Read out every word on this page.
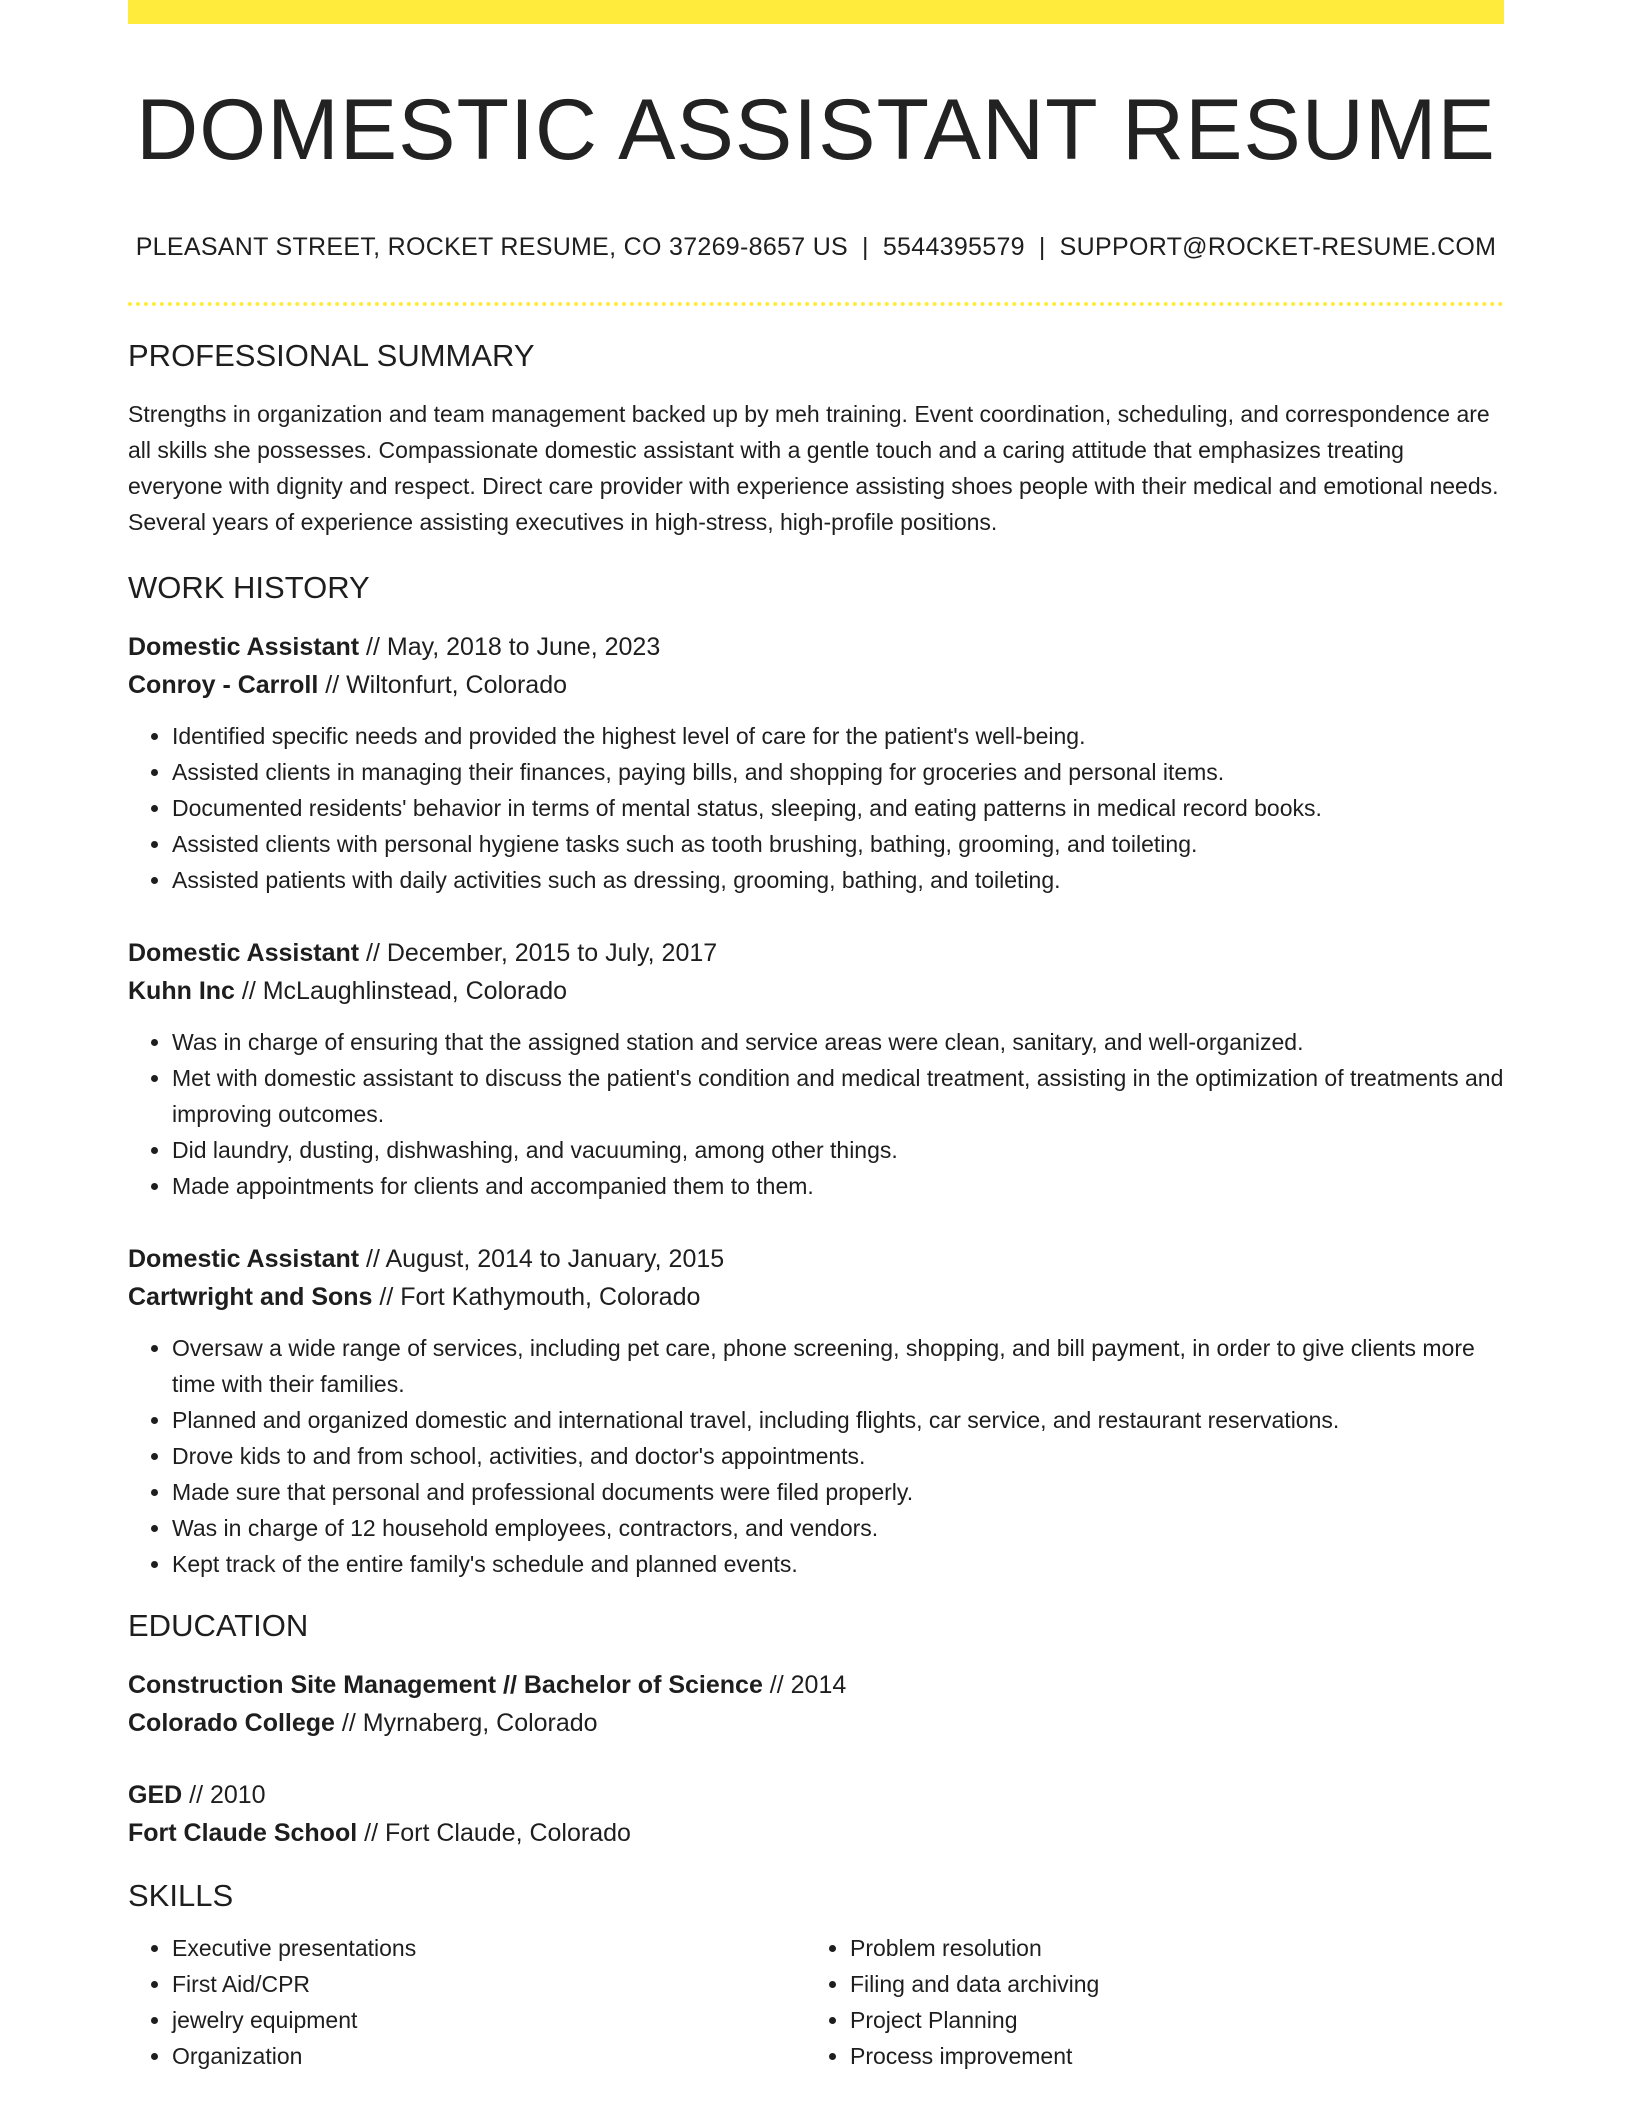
DOMESTIC ASSISTANT RESUME
PLEASANT STREET, ROCKET RESUME, CO 37269-8657 US | 5544395579 | SUPPORT@ROCKET-RESUME.COM
PROFESSIONAL SUMMARY
Strengths in organization and team management backed up by meh training. Event coordination, scheduling, and correspondence are all skills she possesses. Compassionate domestic assistant with a gentle touch and a caring attitude that emphasizes treating everyone with dignity and respect. Direct care provider with experience assisting shoes people with their medical and emotional needs. Several years of experience assisting executives in high-stress, high-profile positions.
WORK HISTORY
Domestic Assistant // May, 2018 to June, 2023
Conroy - Carroll // Wiltonfurt, Colorado
• Identified specific needs and provided the highest level of care for the patient's well-being.
• Assisted clients in managing their finances, paying bills, and shopping for groceries and personal items.
• Documented residents' behavior in terms of mental status, sleeping, and eating patterns in medical record books.
• Assisted clients with personal hygiene tasks such as tooth brushing, bathing, grooming, and toileting.
• Assisted patients with daily activities such as dressing, grooming, bathing, and toileting.
Domestic Assistant // December, 2015 to July, 2017
Kuhn Inc // McLaughlinstead, Colorado
• Was in charge of ensuring that the assigned station and service areas were clean, sanitary, and well-organized.
• Met with domestic assistant to discuss the patient's condition and medical treatment, assisting in the optimization of treatments and improving outcomes.
• Did laundry, dusting, dishwashing, and vacuuming, among other things.
• Made appointments for clients and accompanied them to them.
Domestic Assistant // August, 2014 to January, 2015
Cartwright and Sons // Fort Kathymouth, Colorado
• Oversaw a wide range of services, including pet care, phone screening, shopping, and bill payment, in order to give clients more time with their families.
• Planned and organized domestic and international travel, including flights, car service, and restaurant reservations.
• Drove kids to and from school, activities, and doctor's appointments.
• Made sure that personal and professional documents were filed properly.
• Was in charge of 12 household employees, contractors, and vendors.
• Kept track of the entire family's schedule and planned events.
EDUCATION
Construction Site Management // Bachelor of Science // 2014
Colorado College // Myrnaberg, Colorado
GED // 2010
Fort Claude School // Fort Claude, Colorado
SKILLS
• Executive presentations
• First Aid/CPR
• jewelry equipment
• Organization
• Problem resolution
• Filing and data archiving
• Project Planning
• Process improvement
